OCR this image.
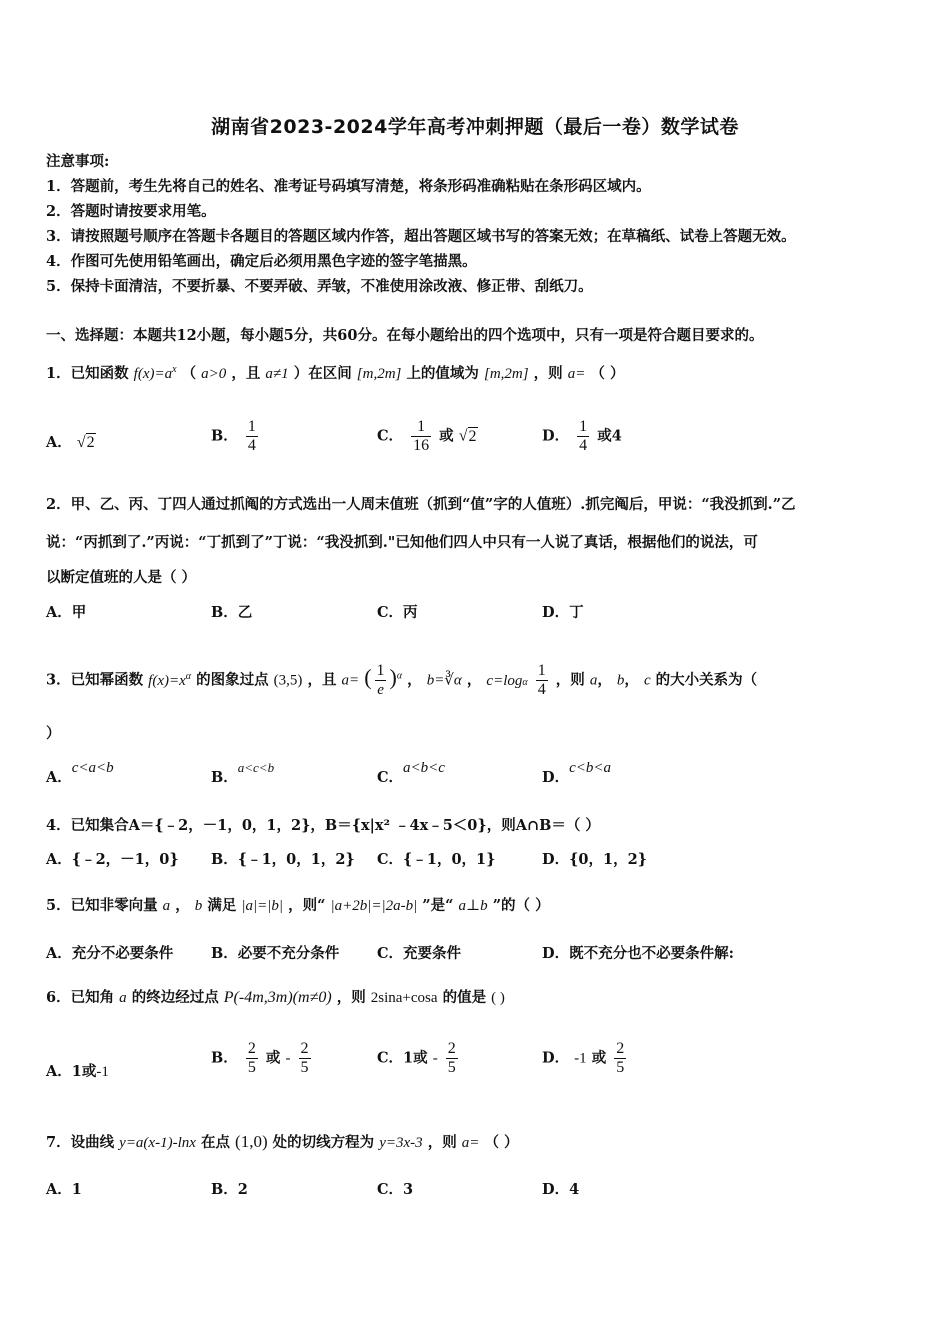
湖南省2023-2024学年高考冲刺押题（最后一卷）数学试卷
注意事项:
1．答题前，考生先将自己的姓名、准考证号码填写清楚，将条形码准确粘贴在条形码区域内。
2．答题时请按要求用笔。
3．请按照题号顺序在答题卡各题目的答题区域内作答，超出答题区域书写的答案无效；在草稿纸、试卷上答题无效。
4．作图可先使用铅笔画出，确定后必须用黑色字迹的签字笔描黑。
5．保持卡面清洁，不要折暴、不要弄破、弄皱，不准使用涂改液、修正带、刮纸刀。
一、选择题：本题共12小题，每小题5分，共60分。在每小题给出的四个选项中，只有一项是符合题目要求的。
1．已知函数 $f(x)=a^x$ （ a>0 ，且 a≠1 ）在区间 [m,2m] 上的值域为 [m,2m] ，则 a= （ ）
A． √2	B． $\frac{1}{4}$	C． $\frac{1}{16}$ 或 √2	D． $\frac{1}{4}$ 或4
2．甲、乙、丙、丁四人通过抓阄的方式选出一人周末值班（抓到“值”字的人值班）.抓完阄后，甲说：“我没抓到.”乙
说：“丙抓到了.”丙说：“丁抓到了”丁说：“我没抓到."已知他们四人中只有一人说了真话，根据他们的说法，可
以断定值班的人是（ ）
A．甲	B．乙	C．丙	D．丁
3．已知幂函数 $f(x)=x^\alpha$ 的图象过点 (3,5) ，且 a= ( $\frac{1}{e} )^\alpha$ ， b=∛α ， $c=\log\alpha \frac{1}{4}$ ，则 a， b， c 的大小关系为（
）
A．c<a<b
B．a<c<b
C．a<b<c
D．c<b<a
4．已知集合A＝{﹣2，－1，0，1，2}，B＝{x|x² ﹣4x﹣5＜0}，则A∩B＝（ ）
A．{﹣2，－1，0} B．{﹣1，0，1，2} C．{﹣1，0，1}	D．{0，1，2}
5．已知非零向量 a ， b 满足 |a|=|b| ，则“ |a+2b|=|2a-b| ”是“ a⊥b ”的（ ）
A．充分不必要条件	B．必要不充分条件	C．充要条件	D．既不充分也不必要条件解:
6．已知角 a 的终边经过点 P(-4m,3m)(m≠0) ，则 2sina+cosa 的值是 ( )
A．1或-1
B． $\frac{2}{5}$ 或 - $\frac{2}{5}$	C．1或 - $\frac{2}{5}$	D． -1 或 $\frac{2}{5}$
7．设曲线 y=a(x-1)-lnx 在点 (1,0) 处的切线方程为 y=3x-3 ，则 a= （ ）
A．1	B．2	C．3	D．4
